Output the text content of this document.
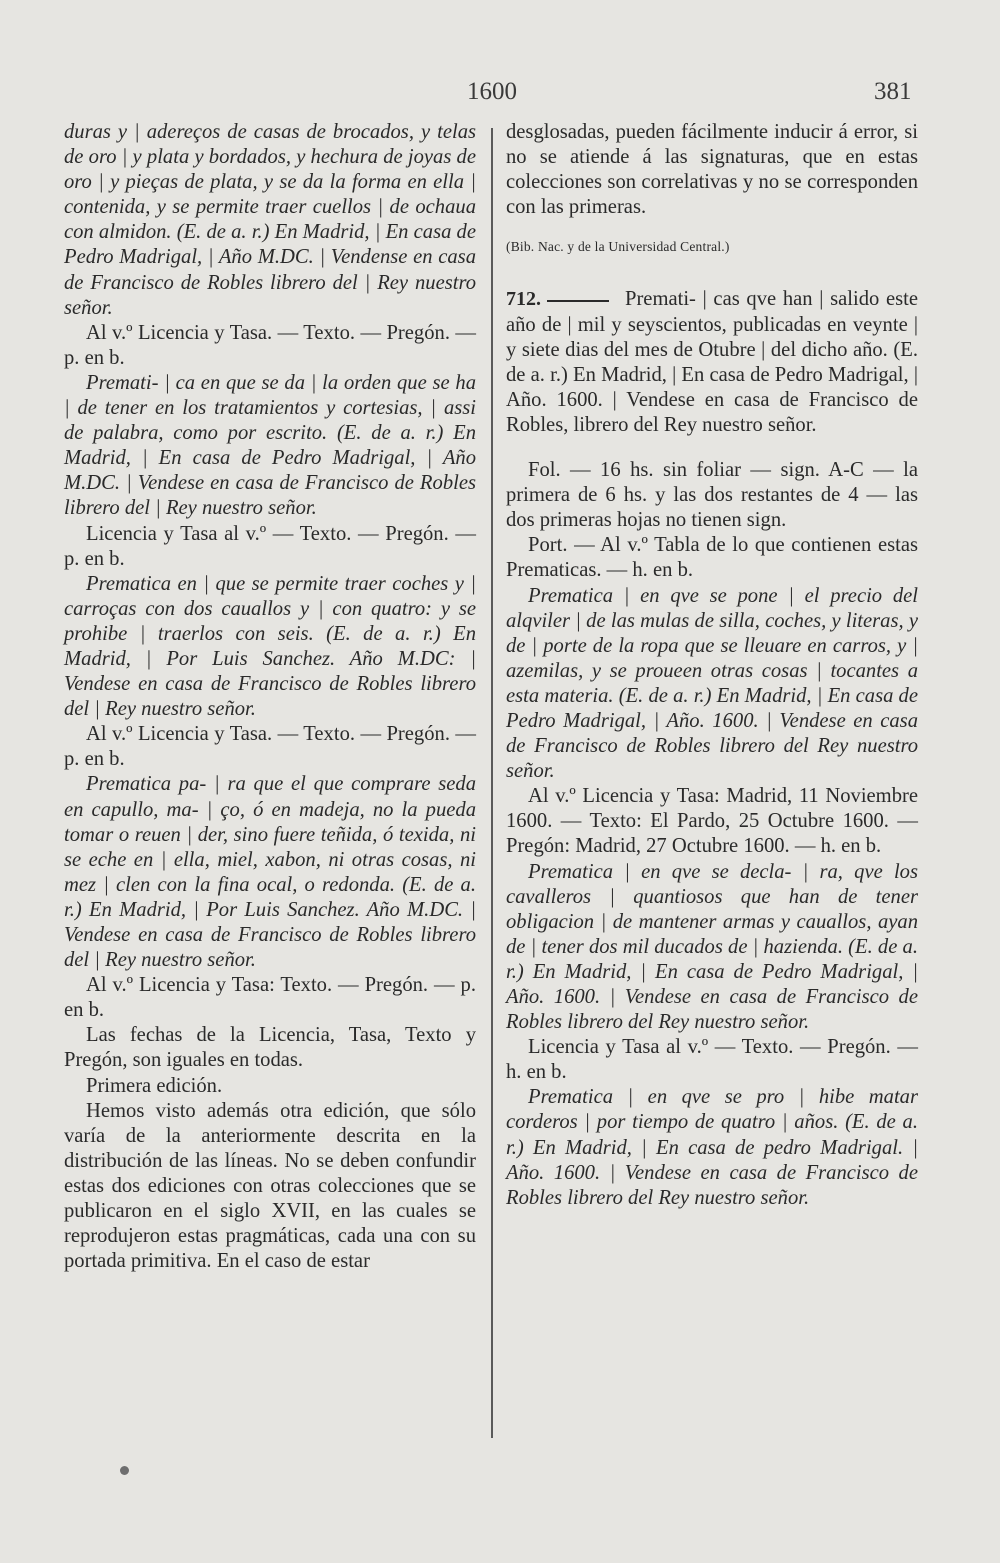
1600	381

duras y | adereços de casas de brocados, y telas de oro | y plata y bordados, y hechura de joyas de oro | y pieças de plata, y se da la forma en ella | contenida, y se permite traer cuellos | de ochaua con almidon. (E. de a. r.) En Madrid, | En casa de Pedro Madrigal, | Año M.DC. | Vendense en casa de Francisco de Robles librero del | Rey nuestro señor.

Al v.º Licencia y Tasa. — Texto. — Pregón. — p. en b.

Premati- | ca en que se da | la orden que se ha | de tener en los tratamientos y cortesias, | assi de palabra, como por escrito. (E. de a. r.) En Madrid, | En casa de Pedro Madrigal, | Año M.DC. | Vendese en casa de Francisco de Robles librero del | Rey nuestro señor.

Licencia y Tasa al v.º — Texto. — Pregón. — p. en b.

Prematica en | que se permite traer coches y | carroças con dos cauallos y | con quatro: y se prohibe | traerlos con seis. (E. de a. r.) En Madrid, | Por Luis Sanchez. Año M.DC: | Vendese en casa de Francisco de Robles librero del | Rey nuestro señor.

Al v.º Licencia y Tasa. — Texto. — Pregón. — p. en b.

Prematica pa- | ra que el que comprare seda en capullo, ma- | ço, ó en madeja, no la pueda tomar o reuen | der, sino fuere teñida, ó texida, ni se eche en | ella, miel, xabon, ni otras cosas, ni mez | clen con la fina ocal, o redonda. (E. de a. r.) En Madrid, | Por Luis Sanchez. Año M.DC. | Vendese en casa de Francisco de Robles librero del | Rey nuestro señor.

Al v.º Licencia y Tasa: Texto. — Pregón. — p. en b.

Las fechas de la Licencia, Tasa, Texto y Pregón, son iguales en todas.

Primera edición.

Hemos visto además otra edición, que sólo varía de la anteriormente descrita en la distribución de las líneas. No se deben confundir estas dos ediciones con otras colecciones que se publicaron en el siglo XVII, en las cuales se reprodujeron estas pragmáticas, cada una con su portada primitiva. En el caso de estar

desglosadas, pueden fácilmente inducir á error, si no se atiende á las signaturas, que en estas colecciones son correlativas y no se corresponden con las primeras.

(Bib. Nac. y de la Universidad Central.)

712.	Premati- | cas qve han | salido este año de | mil y seyscientos, publicadas en veynte | y siete dias del mes de Otubre | del dicho año. (E. de a. r.) En Madrid, | En casa de Pedro Madrigal, | Año. 1600. | Vendese en casa de Francisco de Robles, librero del Rey nuestro señor.

Fol. — 16 hs. sin foliar — sign. A-C — la primera de 6 hs. y las dos restantes de 4 — las dos primeras hojas no tienen sign.

Port. — Al v.º Tabla de lo que contienen estas Prematicas. — h. en b.

Prematica | en qve se pone | el precio del alqviler | de las mulas de silla, coches, y literas, y de | porte de la ropa que se lleuare en carros, y | azemilas, y se proueen otras cosas | tocantes a esta materia. (E. de a. r.) En Madrid, | En casa de Pedro Madrigal, | Año. 1600. | Vendese en casa de Francisco de Robles librero del Rey nuestro señor.

Al v.º Licencia y Tasa: Madrid, 11 Noviembre 1600. — Texto: El Pardo, 25 Octubre 1600. — Pregón: Madrid, 27 Octubre 1600. — h. en b.

Prematica | en qve se decla- | ra, qve los cavalleros | quantiosos que han de tener obligacion | de mantener armas y cauallos, ayan de | tener dos mil ducados de | hazienda. (E. de a. r.) En Madrid, | En casa de Pedro Madrigal, | Año. 1600. | Vendese en casa de Francisco de Robles librero del Rey nuestro señor.

Licencia y Tasa al v.º — Texto. — Pregón. — h. en b.

Prematica | en qve se pro | hibe matar corderos | por tiempo de quatro | años. (E. de a. r.) En Madrid, | En casa de pedro Madrigal. | Año. 1600. | Vendese en casa de Francisco de Robles librero del Rey nuestro señor.
